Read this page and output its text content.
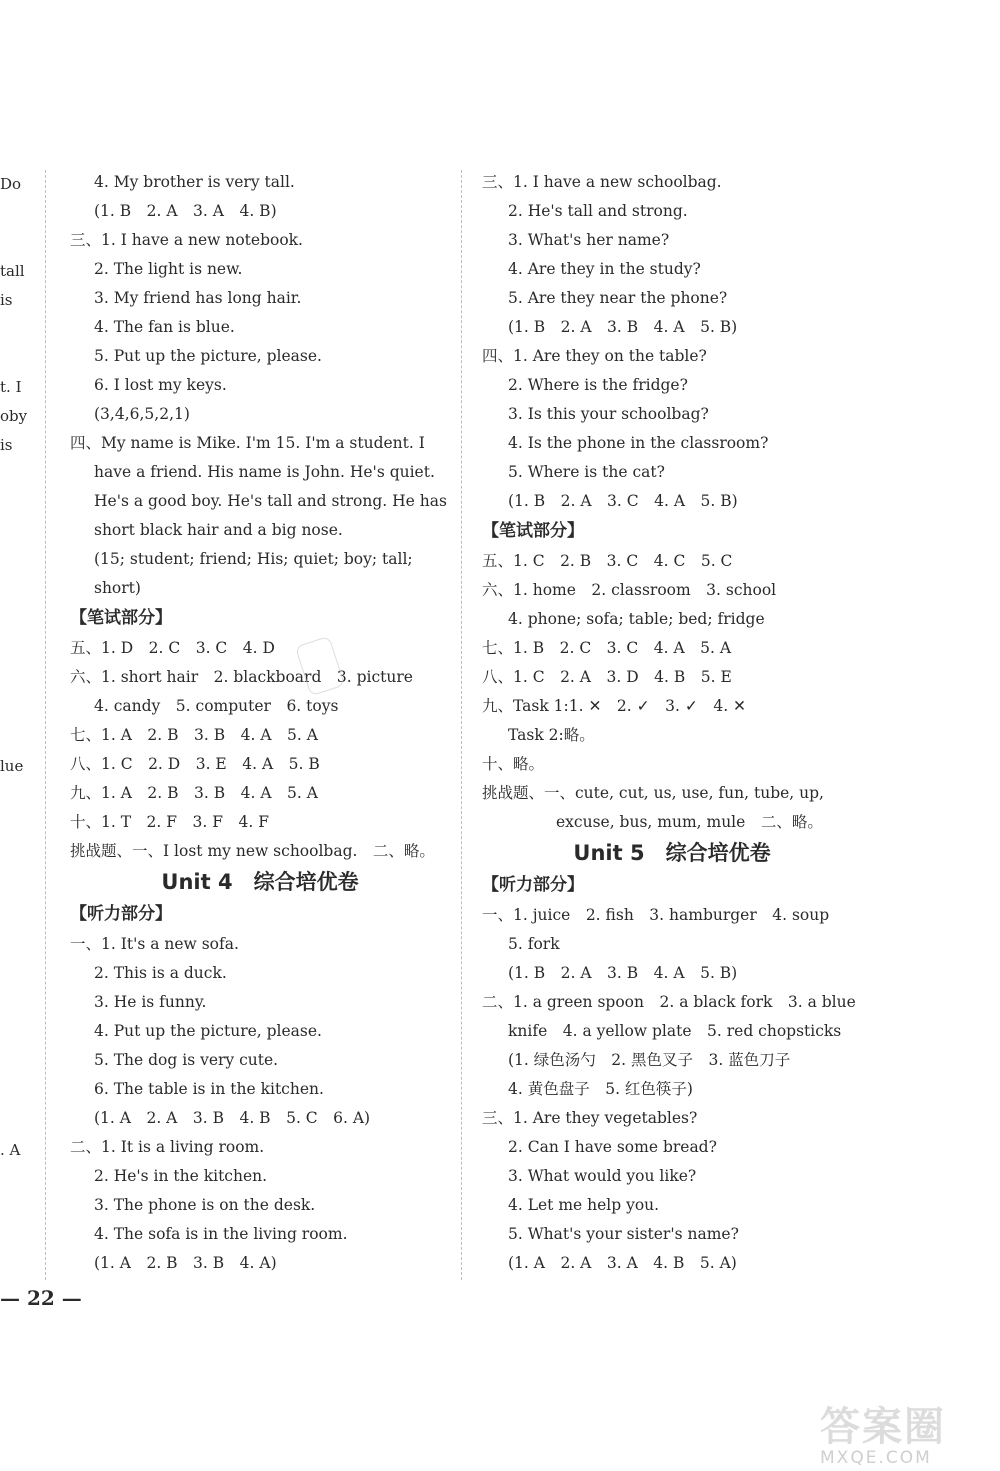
Do
tall
is
t. I
oby
is
lue
. A
4. My brother is very tall.
(1. B　2. A　3. A　4. B)
三、1. I have a new notebook.
2. The light is new.
3. My friend has long hair.
4. The fan is blue.
5. Put up the picture, please.
6. I lost my keys.
(3,4,6,5,2,1)
四、My name is Mike. I'm 15. I'm a student. I
have a friend. His name is John. He's quiet.
He's a good boy. He's tall and strong. He has
short black hair and a big nose.
(15; student; friend; His; quiet; boy; tall;
short)
【笔试部分】
五、1. D　2. C　3. C　4. D
六、1. short hair　2. blackboard　3. picture
4. candy　5. computer　6. toys
七、1. A　2. B　3. B　4. A　5. A
八、1. C　2. D　3. E　4. A　5. B
九、1. A　2. B　3. B　4. A　5. A
十、1. T　2. F　3. F　4. F
挑战题、一、I lost my new schoolbag.　二、略。
Unit 4　综合培优卷
【听力部分】
一、1. It's a new sofa.
2. This is a duck.
3. He is funny.
4. Put up the picture, please.
5. The dog is very cute.
6. The table is in the kitchen.
(1. A　2. A　3. B　4. B　5. C　6. A)
二、1. It is a living room.
2. He's in the kitchen.
3. The phone is on the desk.
4. The sofa is in the living room.
(1. A　2. B　3. B　4. A)
三、1. I have a new schoolbag.
2. He's tall and strong.
3. What's her name?
4. Are they in the study?
5. Are they near the phone?
(1. B　2. A　3. B　4. A　5. B)
四、1. Are they on the table?
2. Where is the fridge?
3. Is this your schoolbag?
4. Is the phone in the classroom?
5. Where is the cat?
(1. B　2. A　3. C　4. A　5. B)
【笔试部分】
五、1. C　2. B　3. C　4. C　5. C
六、1. home　2. classroom　3. school
4. phone; sofa; table; bed; fridge
七、1. B　2. C　3. C　4. A　5. A
八、1. C　2. A　3. D　4. B　5. E
九、Task 1:1. ✕　2. ✓　3. ✓　4. ✕
Task 2:略。
十、略。
挑战题、一、cute, cut, us, use, fun, tube, up,
excuse, bus, mum, mule　二、略。
Unit 5　综合培优卷
【听力部分】
一、1. juice　2. fish　3. hamburger　4. soup
5. fork
(1. B　2. A　3. B　4. A　5. B)
二、1. a green spoon　2. a black fork　3. a blue
knife　4. a yellow plate　5. red chopsticks
(1. 绿色汤勺　2. 黑色叉子　3. 蓝色刀子
4. 黄色盘子　5. 红色筷子)
三、1. Are they vegetables?
2. Can I have some bread?
3. What would you like?
4. Let me help you.
5. What's your sister's name?
(1. A　2. A　3. A　4. B　5. A)
— 22 —
答案圈
MXQE.COM
